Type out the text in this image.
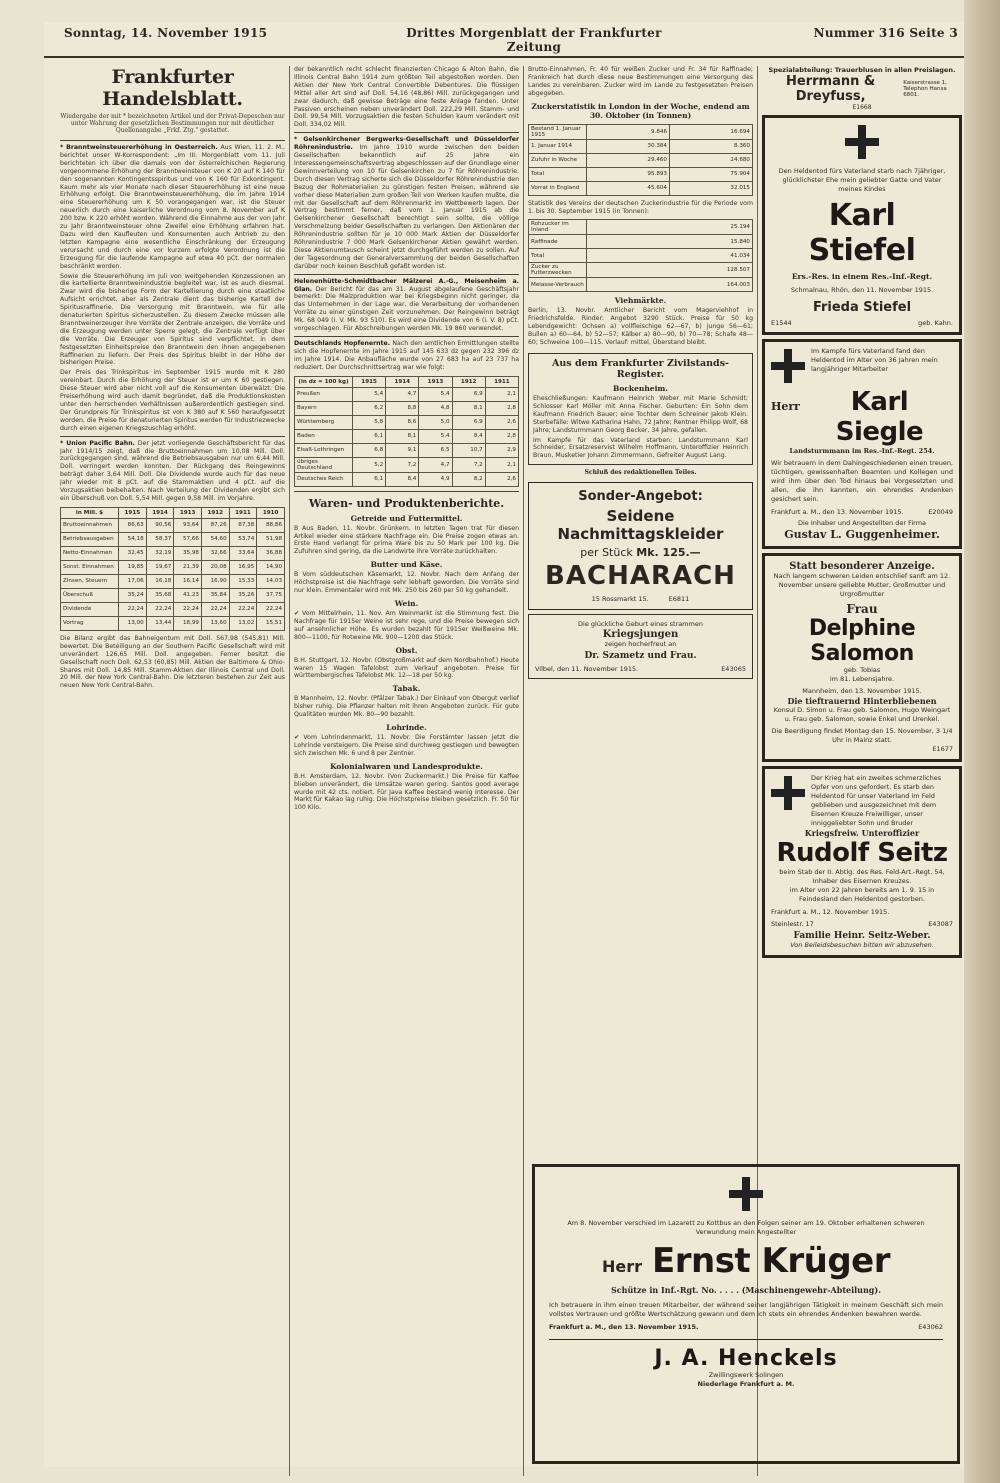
Sonntag, 14. November 1915	Drittes Morgenblatt der Frankfurter Zeitung
Nummer 316 Seite 3
Frankfurter Handelsblatt.
Wiedergabe der mit * bezeichneten Artikel und der Privat-Depeschen nur unter Wahrung der gesetzlichen Bestimmungen nur mit deutlicher Quellenangabe „Frkf. Ztg." gestattet.
* Branntweinsteuererhöhung in Oesterreich. Aus Wien, 11. 2. M., berichtet unser W-Korrespondent: „Im III. Morgenblatt vom 11. Juli berichteten ich über die damals von der österreichischen Regierung vorgenommene Erhöhung der Branntweinsteuer von K 20 auf K 140 für den sogenannten Kontingentsspiritus und von K 160 für Exkontingent. Kaum mehr als vier Monate nach dieser Steuererhöhung ist eine neue Erhöhung erfolgt. Die Branntweinsteuererhöhung, die im Jahre 1914 eine Steuererhöhung um K 50 vorangegangen war, ist die Steuer neuerlich durch eine kaiserliche Verordnung vom 8. November auf K 200 bzw. K 220 erhöht worden. Während die Einnahme aus der von Jahr zu Jahr Branntweinsteuer ohne Zweifel eine Erhöhung erfahren hat. Dazu wird den Kaufleuten und Konsumenten auch Antrieb zu den letzten Kampagne eine wesentliche Einschränkung der Erzeugung verursacht und durch eine vor kurzem erfolgte Verordnung ist die Erzeugung für die laufende Kampagne auf etwa 40 pCt. der normalen beschränkt worden.
Sowie die Steuererhöhung im Juli von weitgehenden Konzessionen an die kartellierte Branntweinindustrie begleitet war, ist es auch diesmal. Zwar wird die bisherige Form der Kartellierung durch eine staatliche Aufsicht errichtet, aber als Zentrale dient das bisherige Kartell der Spiritusraffinerie. Die Versorgung mit Branntwein, wie für alle denaturierten Spiritus sicherzustellen. Zu diesem Zwecke müssen alle Branntweinerzeuger ihre Vorräte der Zentrale anzeigen, die Vorräte und die Erzeugung werden unter Sperre gelegt, die Zentrale verfügt über die Vorräte. Die Erzeuger von Spiritus sind verpflichtet, in dem festgesetzten Einheitspreise den Branntwein den ihnen angegebenen Raffinerien zu liefern. Der Preis des Spiritus bleibt in der Höhe der bisherigen Preise.
Der Preis des Trinkspiritus im September 1915 wurde mit K 280 vereinbart. Durch die Erhöhung der Steuer ist er um K 60 gestiegen. Diese Steuer wird aber nicht voll auf die Konsumenten überwälzt. Die Preiserhöhung wird auch damit begründet, daß die Produktionskosten unter den herrschenden Verhältnissen außerordentlich gestiegen sind. Der Grundpreis für Trinkspiritus ist von K 380 auf K 560 heraufgesetzt worden, die Preise für denaturierten Spiritus werden für Industriezwecke durch einen eigenen Kriegszuschlag erhöht.
* Union Pacific Bahn. Der jetzt vorliegende Geschäftsbericht für das Jahr 1914/15 zeigt, daß die Bruttoeinnahmen um 10,08 Mill. Doll. zurückgegangen sind, während die Betriebsausgaben nur um 6,44 Mill. Doll. verringert werden konnten. Der Rückgang des Reingewinns beträgt daher 3,64 Mill. Doll. Die Dividende wurde auch für das neue Jahr wieder mit 8 pCt. auf die Stammaktien und 4 pCt. auf die Vorzugsaktien beibehalten. Nach Verteilung der Dividenden ergibt sich ein Überschuß von Doll. 5,54 Mill. gegen 9,58 Mill. im Vorjahre.
in Mill. $	1915	1914	1913	1912	1911	1910
Bruttoeinnahmen	86,63	90,56	93,64	87,26	87,38	88,86
Betriebsausgaben	54,18	58,37	57,66	54,60	53,74	51,98
Netto-Einnahmen	32,45	32,19	35,98	32,66	33,64	36,88
Sonst. Einnahmen	19,85	19,67	21,39	20,08	16,95	14,90
Zinsen, Steuern	17,06	16,18	16,14	16,90	15,33	14,03
Überschuß	35,24	35,68	41,23	35,84	35,26	37,75
Dividende	22,24	22,24	22,24	22,24	22,24	22,24
Vortrag	13,00	13,44	18,99	13,60	13,02	15,51
Die Bilanz ergibt das Bahneigentum mit Doll. 567,98 (545,81) Mill. bewertet. Die Beteiligung an der Southern Pacific Gesellschaft wird mit unverändert 126,65 Mill. Doll. angegeben. Ferner besitzt die Gesellschaft noch Doll. 62,53 (60,85) Mill. Aktien der Baltimore & Ohio-Shares mit Doll. 14,85 Mill. Stamm-Aktien der Illinois Central und Doll. 20 Mill. der New York Central-Bahn. Die letzteren bestehen zur Zeit aus neuen New York Central-Bahn.
der bekanntlich recht schlecht finanzierten Chicago & Alton Bahn, die Illinois Central Bahn 1914 zum größten Teil abgestoßen worden. Den Aktien der New York Central Convertible Debentures. Die flüssigen Mittel aller Art sind auf Doll. 54,16 (48,86) Mill. zurückgegangen und zwar dadurch, daß gewisse Beträge eine feste Anlage fanden. Unter Passiven erscheinen neben unverändert Doll. 222,29 Mill. Stamm- und Doll. 99,54 Mill. Vorzugsaktien die festen Schulden kaum verändert mit Doll. 334,02 Mill.
* Gelsenkirchener Bergwerks-Gesellschaft und Düsseldorfer Röhrenindustrie. Im Jahre 1910 wurde zwischen den beiden Gesellschaften bekanntlich auf 25 Jahre ein Interessengemeinschaftsvertrag abgeschlossen auf der Grundlage einer Gewinnverteilung von 10 für Gelsenkirchen zu 7 für Röhrenindustrie. Durch diesen Vertrag sicherte sich die Düsseldorfer Röhrenindustrie den Bezug der Rohmaterialien zu günstigen festen Preisen, während sie vorher diese Materialien zum großen Teil von Werken kaufen mußte, die mit der Gesellschaft auf dem Röhrenmarkt im Wettbewerb lagen. Der Vertrag bestimmt ferner, daß vom 1. Januar 1915 ab die Gelsenkirchener Gesellschaft berechtigt sein sollte, die völlige Verschmelzung beider Gesellschaften zu verlangen. Den Aktionären der Röhrenindustrie sollten für je 10 000 Mark Aktien der Düsseldorfer Röhrenindustrie 7 000 Mark Gelsenkirchener Aktien gewährt werden. Diese Aktienumtausch scheint jetzt durchgeführt werden zu sollen. Auf der Tagesordnung der Generalversammlung der beiden Gesellschaften darüber noch keinen Beschluß gefaßt worden ist.
Helenenhütte-Schmidtbacher Mälzerei A.-G., Meisenheim a. Glan. Der Bericht für das am 31. August abgelaufene Geschäftsjahr bemerkt: Die Malzproduktion war bei Kriegsbeginn nicht geringer, da das Unternehmen in der Lage war, die Verarbeitung der vorhandenen Vorräte zu einer günstigen Zeit vorzunehmen. Der Reingewinn beträgt Mk. 68 049 (i. V. Mk. 93 510). Es wird eine Dividende von 6 (i. V. 8) pCt. vorgeschlagen. Für Abschreibungen werden Mk. 19 860 verwendet.
Deutschlands Hopfenernte. Nach den amtlichen Ermittlungen stellte sich die Hopfenernte im Jahre 1915 auf 145 633 dz gegen 232 396 dz im Jahre 1914. Die Anbaufläche wurde von 27 683 ha auf 23 737 ha reduziert. Der Durchschnittsertrag war wie folgt:
(in dz = 100 kg)	1915	1914	1913	1912	1911
Preußen	5,4	4,7	5,4	6,9	2,1
Bayern	6,2	8,8	4,8	8,1	2,8
Württemberg	5,8	8,6	5,0	6,9	2,6
Baden	6,1	8,1	5,4	8,4	2,8
Elsaß-Lothringen	6,8	9,1	6,5	10,7	2,9
übriges Deutschland	5,2	7,2	4,7	7,2	2,1
Deutsches Reich	6,1	8,4	4,9	8,2	2,6
Waren- und Produktenberichte.
Getreide und Futtermittel.
B Aus Baden, 11. Novbr. Grünkern. In letzten Tagen trat für diesen Artikel wieder eine stärkere Nachfrage ein. Die Preise zogen etwas an. Erste Hand verlangt für prima Ware bis zu 50 Mark per 100 kg. Die Zufuhren sind gering, da die Landwirte ihre Vorräte zurückhalten.
Butter und Käse.
B Vom süddeutschen Käsemarkt, 12. Novbr. Nach dem Anfang der Höchstpreise ist die Nachfrage sehr lebhaft geworden. Die Vorräte sind nur klein. Emmentaler wird mit Mk. 250 bis 260 per 50 kg gehandelt.
Wein.
✔ Vom Mittelrhein, 11. Nov. Am Weinmarkt ist die Stimmung fest. Die Nachfrage für 1915er Weine ist sehr rege, und die Preise bewegen sich auf ansehnlicher Höhe. Es wurden bezahlt für 1915er Weißweine Mk. 800—1100, für Rotweine Mk. 900—1200 das Stück.
Obst.
B.H. Stuttgart, 12. Novbr. (Obstgroßmarkt auf dem Nordbahnhof.) Heute waren 15 Wagen Tafelobst zum Verkauf angeboten. Preise für württembergisches Tafelobst Mk. 12—18 per 50 kg.
Tabak.
B Mannheim, 12. Novbr. (Pfälzer Tabak.) Der Einkauf von Obergut verlief bisher ruhig. Die Pflanzer halten mit ihren Angeboten zurück. Für gute Qualitäten wurden Mk. 80—90 bezahlt.
Lohrinde.
✔ Vom Lohrindenmarkt, 11. Novbr. Die Forstämter lassen jetzt die Lohrinde versteigern. Die Preise sind durchweg gestiegen und bewegten sich zwischen Mk. 6 und 8 per Zentner.
Kolonialwaren und Landesprodukte.
B.H. Amsterdam, 12. Novbr. (Von Zuckermarkt.) Die Preise für Kaffee blieben unverändert, die Umsätze waren gering. Santos good average wurde mit 42 cts. notiert. Für Java Kaffee bestand wenig Interesse. Der Markt für Kakao lag ruhig. Die Höchstpreise bleiben gesetzlich. Fr. 50 für 100 Kilo.
Brutto-Einnahmen, Fr. 40 für weißen Zucker und Fr. 34 für Raffinade; Frankreich hat durch diese neue Bestimmungen eine Versorgung des Landes zu vereinbaren. Zucker wird im Lande zu festgesetzten Preisen abgegeben.
Zuckerstatistik in London in der Woche, endend am 30. Oktober (in Tonnen)
Bestand 1. Januar 1915	9.846	16.694
1. Januar 1914	30.384	8.360
Zufuhr in Woche	29.460	24.680
Total	95.893	75.904
Vorrat in England	45.604	32.015
Statistik des Vereins der deutschen Zuckerindustrie für die Periode vom 1. bis 30. September 1915 (in Tonnen):
Rohzucker im Inland	25.194
Raffinade	15.840
Total	41.034
Zucker zu Futterzwecken	128.507
Melasse-Verbrauch	164.003
Viehmärkte.
Berlin, 13. Novbr. Amtlicher Bericht vom Magerviehhof in Friedrichsfelde. Rinder: Angebot 3290 Stück. Preise für 50 kg Lebendgewicht: Ochsen a) vollfleischige 62—67, b) junge 56—61; Bullen a) 60—64, b) 52—57; Kälber a) 80—90, b) 70—78; Schafe 48—60; Schweine 100—115. Verlauf: mittel, Überstand bleibt.
Aus dem Frankfurter Zivilstands-Register.
Bockenheim.
Eheschließungen: Kaufmann Heinrich Weber mit Marie Schmidt; Schlosser Karl Möller mit Anna Fischer. Geburten: Ein Sohn dem Kaufmann Friedrich Bauer; eine Tochter dem Schreiner Jakob Klein. Sterbefälle: Witwe Katharina Hahn, 72 Jahre; Rentner Philipp Wolf, 68 Jahre; Landsturmmann Georg Becker, 34 Jahre, gefallen.
Im Kampfe für das Vaterland starben: Landsturmmann Karl Schneider, Ersatzreservist Wilhelm Hoffmann, Unteroffizier Heinrich Braun, Musketier Johann Zimmermann, Gefreiter August Lang.
Schluß des redaktionellen Teiles.
Sonder-Angebot:
Seidene Nachmittagskleider
per Stück Mk. 125.—
BACHARACH
15 Rossmarkt 15.	E6811
Die glückliche Geburt eines strammen
Kriegsjungen
zeigen hocherfreut an
Dr. Szametz und Frau.
Vilbel, den 11. November 1915.	E43065
Am 8. November verschied im Lazarett zu Kottbus an den Folgen seiner am 19. Oktober erhaltenen schweren Verwundung mein Angestellter
Herr Ernst Krüger
Schütze in Inf.-Rgt. No. . . . . (Maschinengewehr-Abteilung).
Ich betrauere in ihm einen treuen Mitarbeiter, der während seiner langjährigen Tätigkeit in meinem Geschäft sich mein vollstes Vertrauen und größte Wertschätzung gewann und dem ich stets ein ehrendes Andenken bewahren werde.
Frankfurt a. M., den 13. November 1915.	E43062
J. A. Henckels
Zwillingswerk Solingen
Niederlage Frankfurt a. M.
Spezialabteilung: Trauerblusen in allen Preislagen.
Herrmann & Dreyfuss,
Kaiserstrasse 1, Telephon Hansa 6801.
E1668
Den Heldentod fürs Vaterland starb nach 7jähriger, glücklichster Ehe mein geliebter Gatte und Vater meines Kindes
Karl Stiefel
Ers.-Res. in einem Res.-Inf.-Regt.
Schmalnau, Rhön, den 11. November 1915.
Frieda Stiefel
E1544	geb. Kahn.
Im Kampfe fürs Vaterland fand den Heldentod im Alter von 36 Jahren mein langjähriger Mitarbeiter
Herr	Karl Siegle
Landsturmmann im Res.-Inf.-Regt. 254.
Wir betrauern in dem Dahingeschiedenen einen treuen, tüchtigen, gewissenhaften Beamten und Kollegen und wird ihm über den Tod hinaus bei Vorgesetzten und allen, die ihn kannten, ein ehrendes Andenken gesichert sein.
Frankfurt a. M., den 13. November 1915.	E20049
Die Inhaber und Angestellten der Firma
Gustav L. Guggenheimer.
Statt besonderer Anzeige.
Nach langem schweren Leiden entschlief sanft am 12. November unsere geliebte Mutter, Großmutter und Urgroßmutter
Frau
Delphine Salomon
geb. Tobias
im 81. Lebensjahre.
Mannheim, den 13. November 1915.
Die tieftrauernd Hinterbliebenen
Konsul D. Simon u. Frau geb. Salomon, Hugo Weingart u. Frau geb. Salomon, sowie Enkel und Urenkel.
Die Beerdigung findet Montag den 15. November, 3 1/4 Uhr in Mainz statt.
E1677
Der Krieg hat ein zweites schmerzliches Opfer von uns gefordert. Es starb den Heldentod für unser Vaterland im Feld geblieben und ausgezeichnet mit dem Eisernen Kreuze Freiwilliger, unser inniggeliebter Sohn und Bruder
Kriegsfreiw. Unteroffizier
Rudolf Seitz
beim Stab der II. Abtlg. des Res. Feld-Art.-Regt. 54, Inhaber des Eisernen Kreuzes.
im Alter von 22 Jahren bereits am 1. 9. 15 in Feindesland den Heldentod gestorben.
Frankfurt a. M., 12. November 1915.
Steinlestr. 17	E43087
Familie Heinr. Seitz-Weber.
Von Beileidsbesuchen bitten wir abzusehen.
